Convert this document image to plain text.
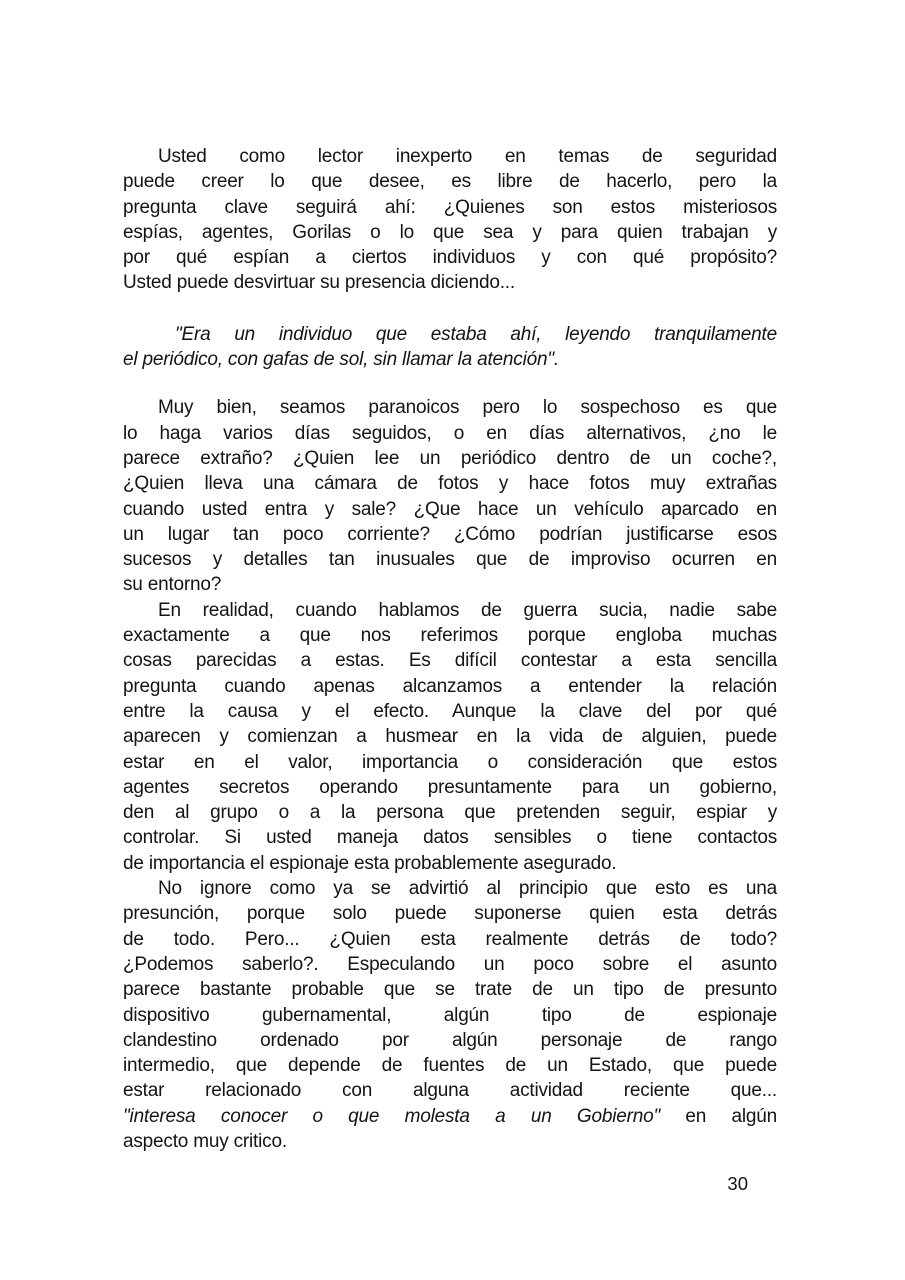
Usted como lector inexperto en temas de seguridad
puede creer lo que desee, es libre de hacerlo, pero la
pregunta clave seguirá ahí: ¿Quienes son estos misteriosos
espías, agentes, Gorilas o lo que sea y para quien trabajan y
por qué espían a ciertos individuos y con qué propósito?
Usted puede desvirtuar su presencia diciendo...
"Era un individuo que estaba ahí, leyendo tranquilamente
el periódico, con gafas de sol, sin llamar la atención".
Muy bien, seamos paranoicos pero lo sospechoso es que
lo haga varios días seguidos, o en días alternativos, ¿no le
parece extraño? ¿Quien lee un periódico dentro de un coche?,
¿Quien lleva una cámara de fotos y hace fotos muy extrañas
cuando usted entra y sale? ¿Que hace un vehículo aparcado en
un lugar tan poco corriente? ¿Cómo podrían justificarse esos
sucesos y detalles tan inusuales que de improviso ocurren en
su entorno?
En realidad, cuando hablamos de guerra sucia, nadie sabe
exactamente a que nos referimos porque engloba muchas
cosas parecidas a estas. Es difícil contestar a esta sencilla
pregunta cuando apenas alcanzamos a entender la relación
entre la causa y el efecto. Aunque la clave del por qué
aparecen y comienzan a husmear en la vida de alguien, puede
estar en el valor, importancia o consideración que estos
agentes secretos operando presuntamente para un gobierno,
den al grupo o a la persona que pretenden seguir, espiar y
controlar. Si usted maneja datos sensibles o tiene contactos
de importancia el espionaje esta probablemente asegurado.
No ignore como ya se advirtió al principio que esto es una
presunción, porque solo puede suponerse quien esta detrás
de todo. Pero... ¿Quien esta realmente detrás de todo?
¿Podemos saberlo?. Especulando un poco sobre el asunto
parece bastante probable que se trate de un tipo de presunto
dispositivo gubernamental, algún tipo de espionaje
clandestino ordenado por algún personaje de rango
intermedio, que depende de fuentes de un Estado, que puede
estar relacionado con alguna actividad reciente que...
"interesa conocer o que molesta a un Gobierno" en algún
aspecto muy critico.
30
